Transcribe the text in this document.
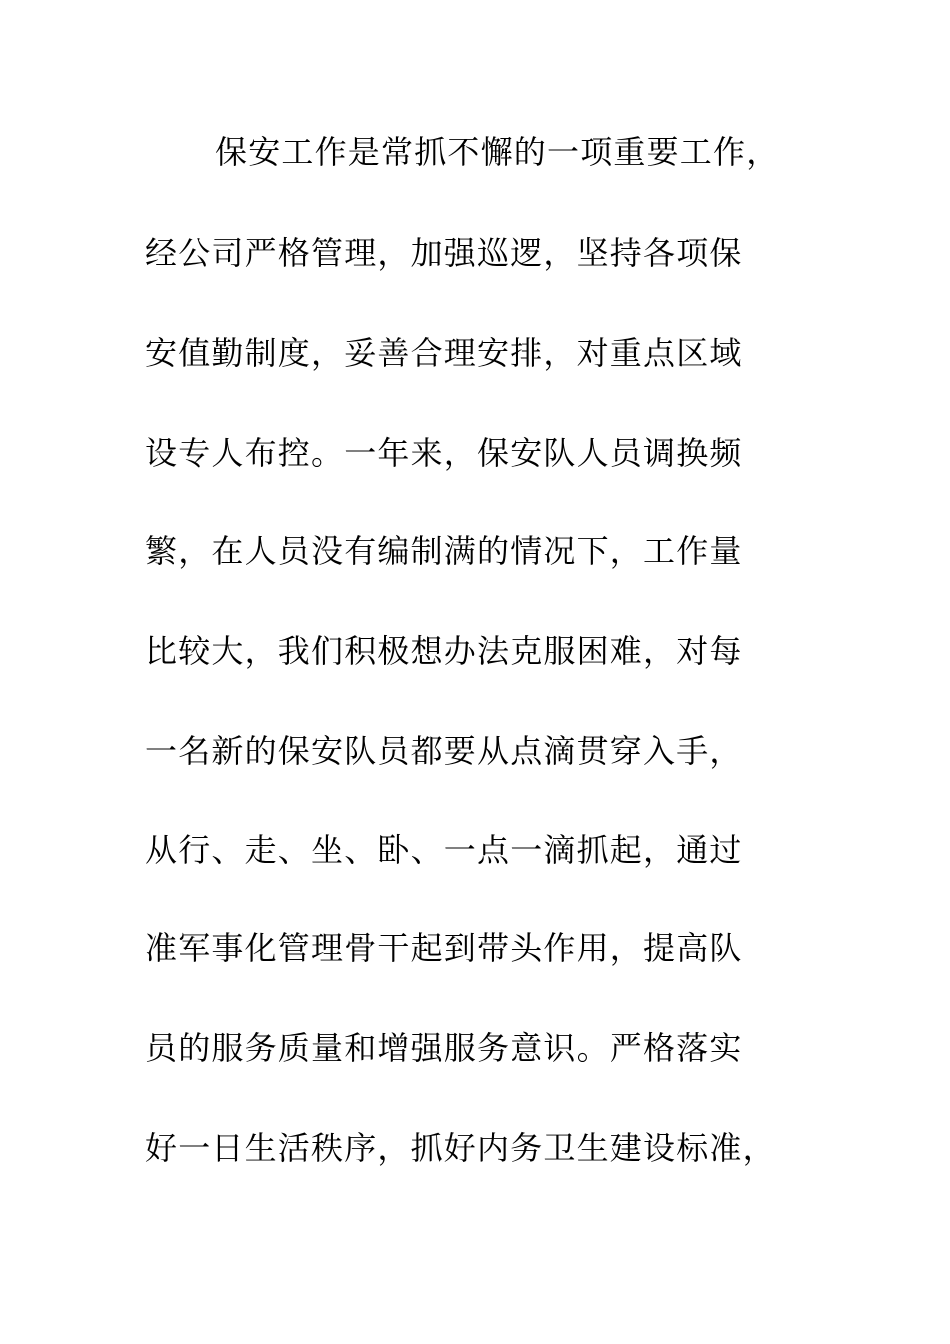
保安工作是常抓不懈的一项重要工作，
经公司严格管理，加强巡逻，坚持各项保
安值勤制度，妥善合理安排，对重点区域
设专人布控。一年来，保安队人员调换频
繁，在人员没有编制满的情况下，工作量
比较大，我们积极想办法克服困难，对每
一名新的保安队员都要从点滴贯穿入手，
从行、走、坐、卧、一点一滴抓起，通过
准军事化管理骨干起到带头作用，提高队
员的服务质量和增强服务意识。严格落实
好一日生活秩序，抓好内务卫生建设标准，
